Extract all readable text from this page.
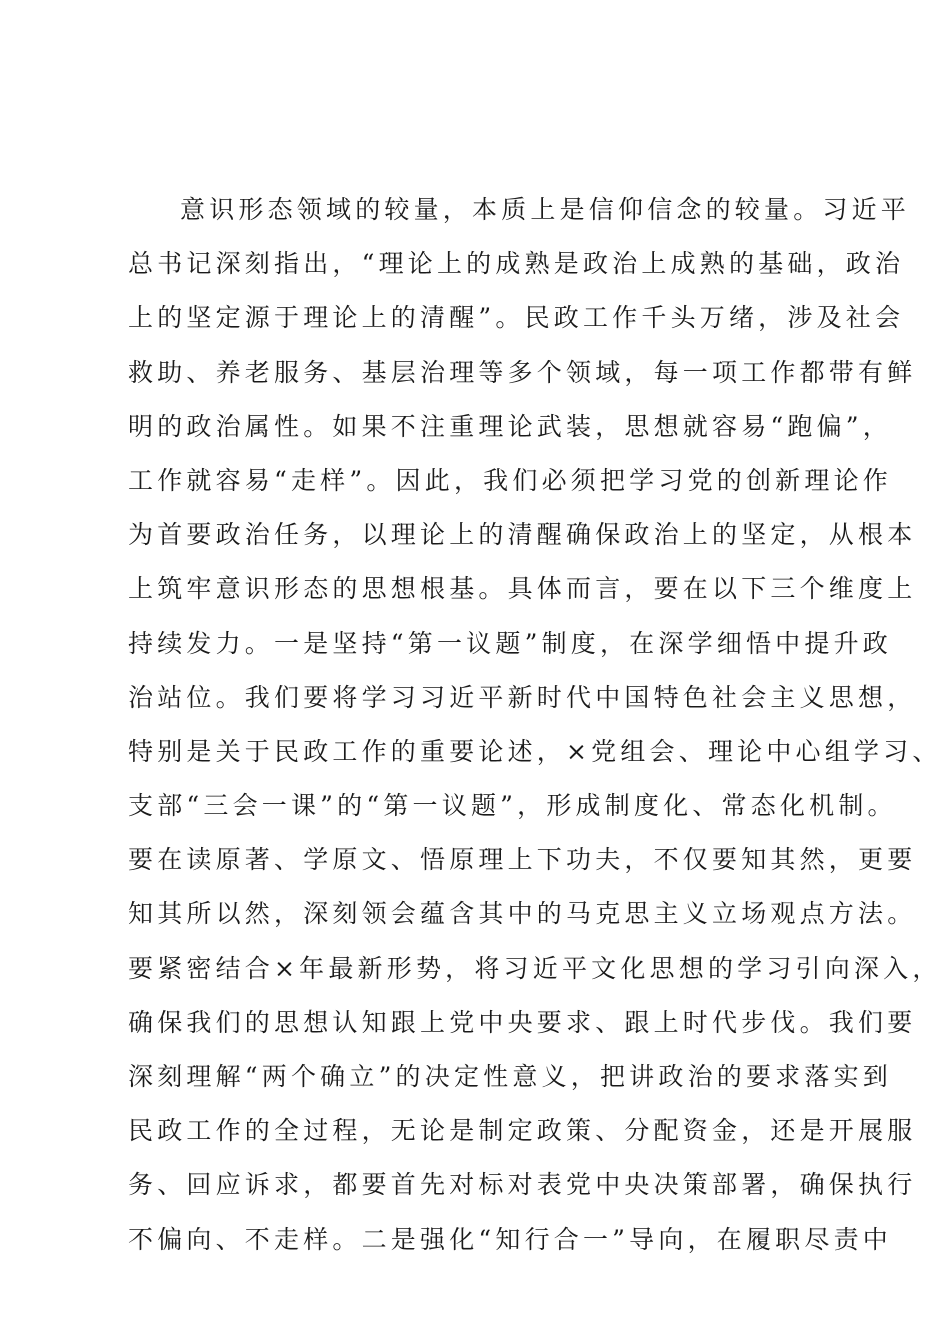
意识形态领域的较量，本质上是信仰信念的较量。习近平
总书记深刻指出，“理论上的成熟是政治上成熟的基础，政治
上的坚定源于理论上的清醒”。民政工作千头万绪，涉及社会
救助、养老服务、基层治理等多个领域，每一项工作都带有鲜
明的政治属性。如果不注重理论武装，思想就容易“跑偏”，
工作就容易“走样”。因此，我们必须把学习党的创新理论作
为首要政治任务，以理论上的清醒确保政治上的坚定，从根本
上筑牢意识形态的思想根基。具体而言，要在以下三个维度上
持续发力。一是坚持“第一议题”制度，在深学细悟中提升政
治站位。我们要将学习习近平新时代中国特色社会主义思想，
特别是关于民政工作的重要论述，×党组会、理论中心组学习、
支部“三会一课”的“第一议题”，形成制度化、常态化机制。
要在读原著、学原文、悟原理上下功夫，不仅要知其然，更要
知其所以然，深刻领会蕴含其中的马克思主义立场观点方法。
要紧密结合×年最新形势，将习近平文化思想的学习引向深入，
确保我们的思想认知跟上党中央要求、跟上时代步伐。我们要
深刻理解“两个确立”的决定性意义，把讲政治的要求落实到
民政工作的全过程，无论是制定政策、分配资金，还是开展服
务、回应诉求，都要首先对标对表党中央决策部署，确保执行
不偏向、不走样。二是强化“知行合一”导向，在履职尽责中
